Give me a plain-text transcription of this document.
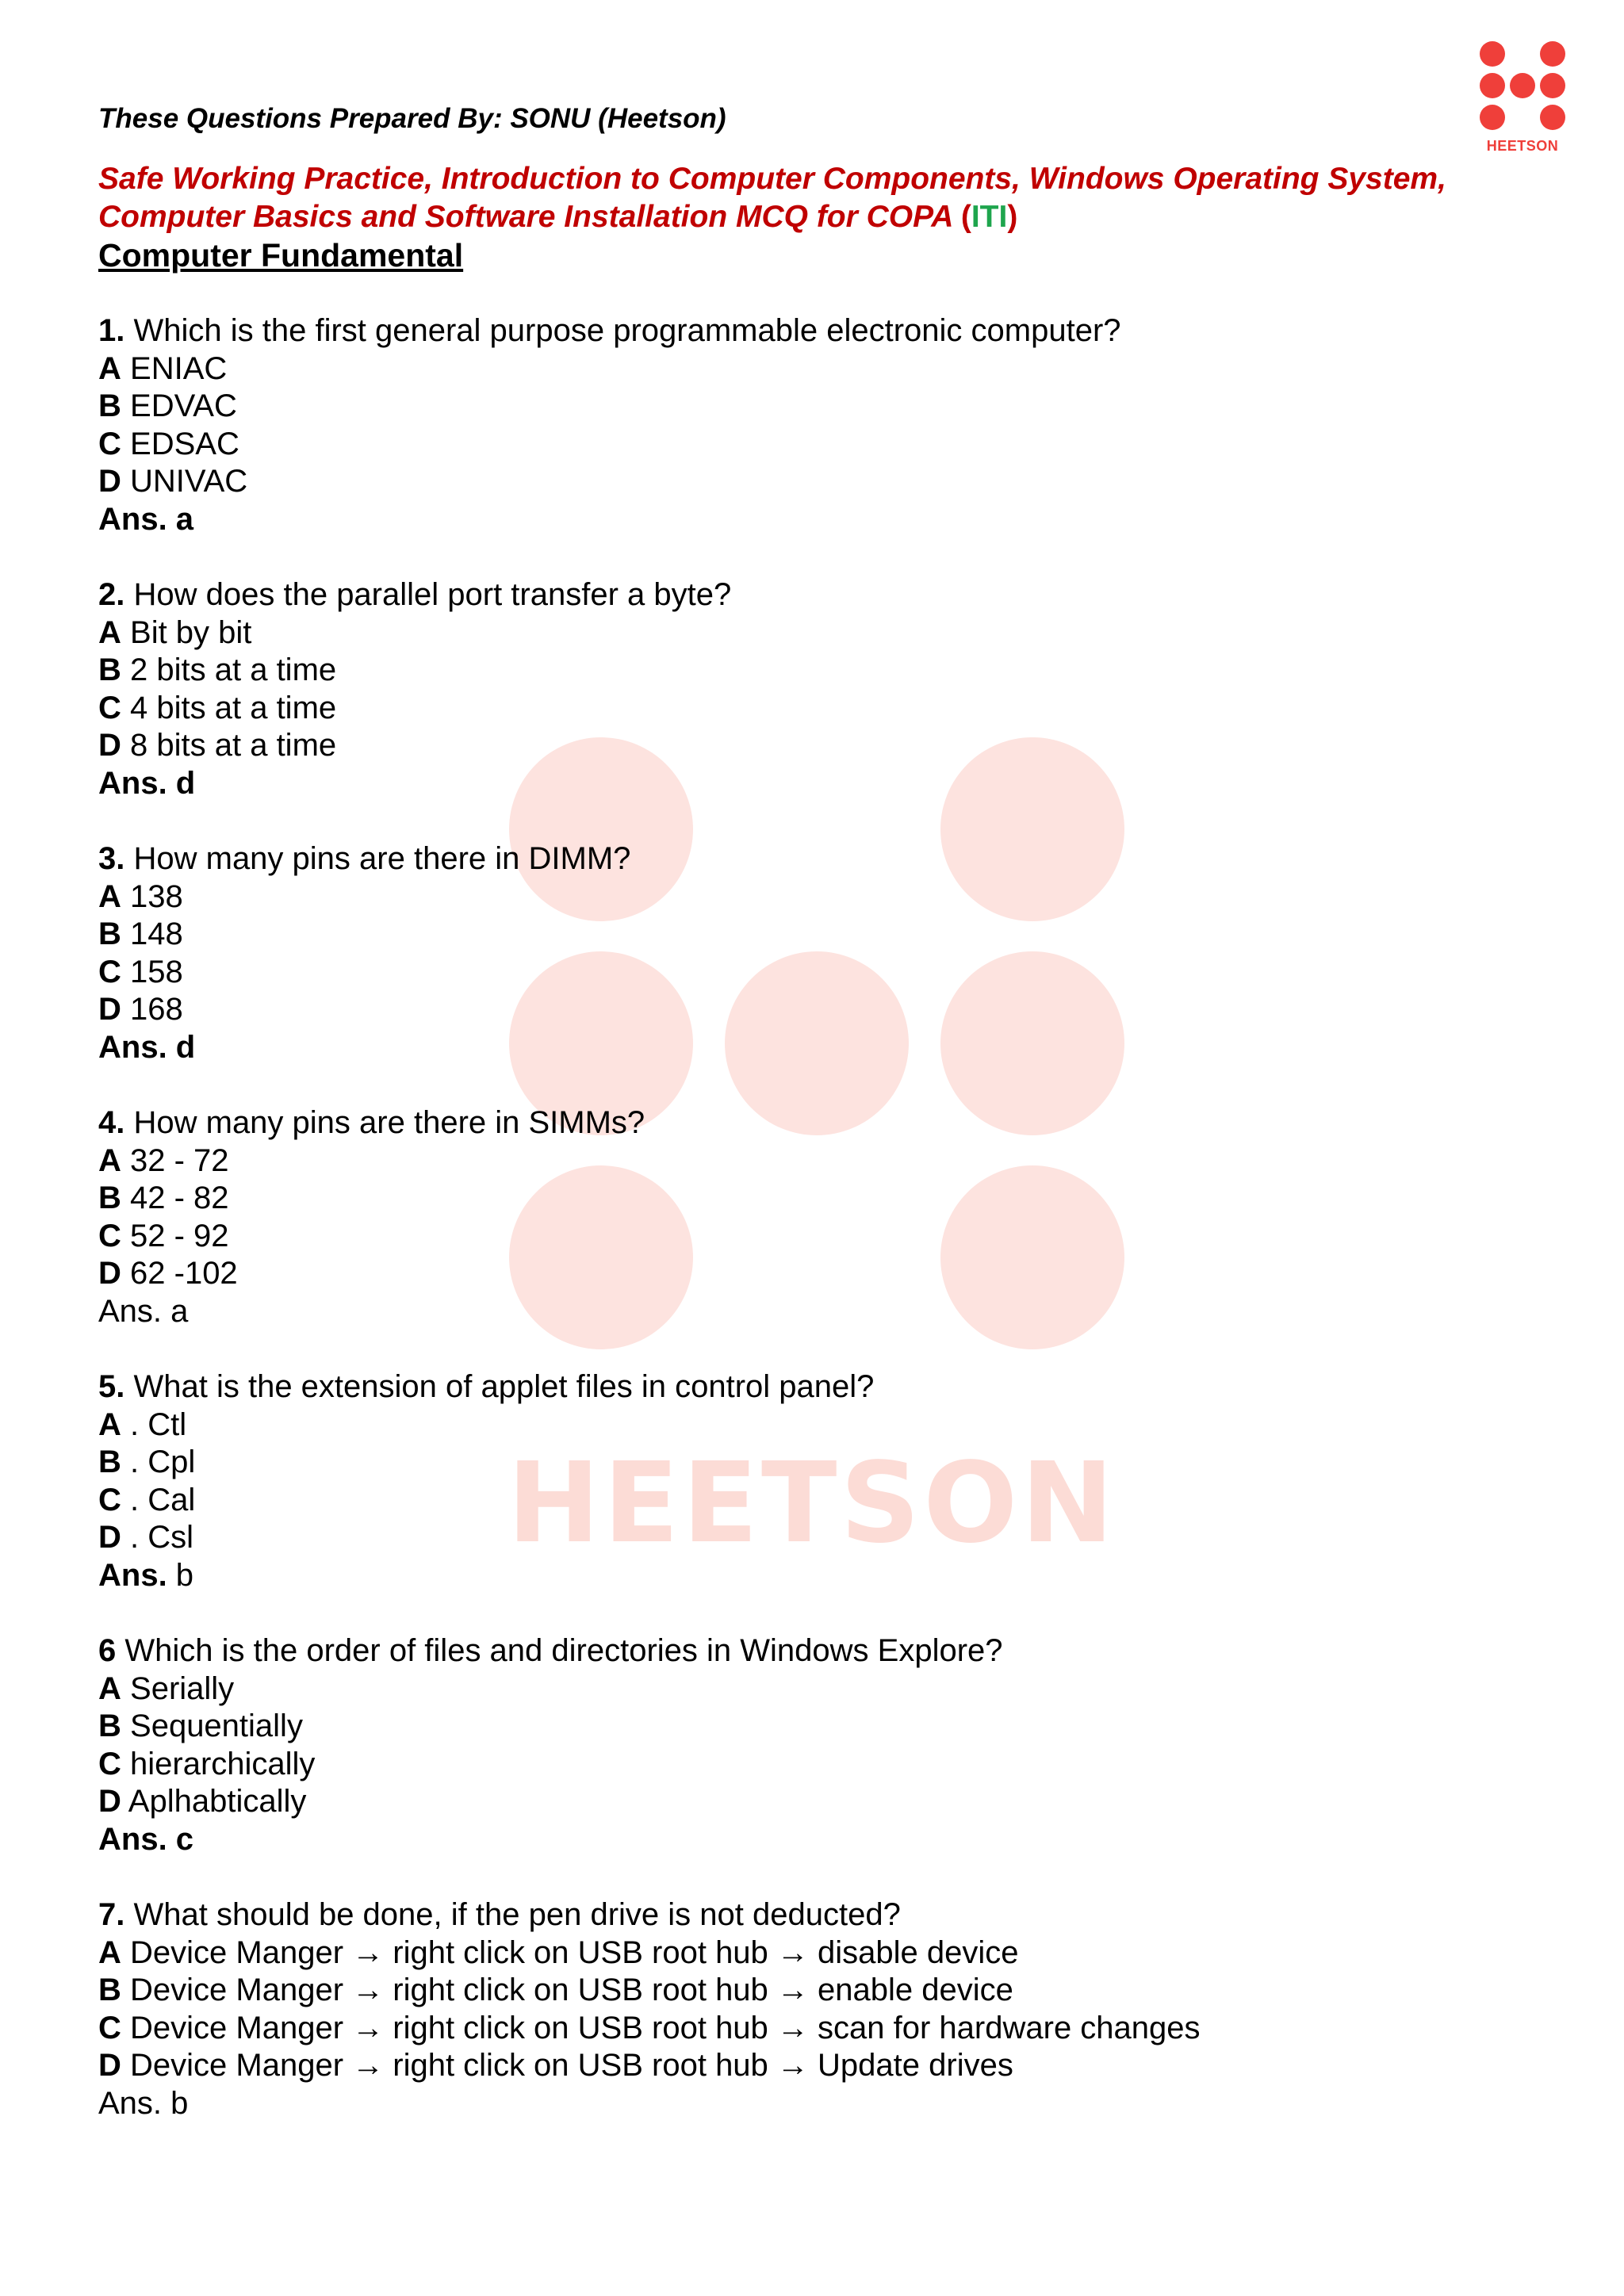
HEETSON
HEETSON

These Questions Prepared By: SONU (Heetson)

Safe Working Practice, Introduction to Computer Components, Windows Operating System, Computer Basics and Software Installation MCQ for COPA (ITI)

Computer Fundamental

1. Which is the first general purpose programmable electronic computer?
A ENIAC
B EDVAC
C EDSAC
D UNIVAC
Ans. a
2. How does the parallel port transfer a byte?
A Bit by bit
B 2 bits at a time
C 4 bits at a time
D 8 bits at a time
Ans. d
3. How many pins are there in DIMM?
A 138
B 148
C 158
D 168
Ans. d
4. How many pins are there in SIMMs?
A 32 - 72
B 42 - 82
C 52 - 92
D 62 -102
Ans. a
5. What is the extension of applet files in control panel?
A . Ctl
B . Cpl
C . Cal
D . Csl
Ans. b
6 Which is the order of files and directories in Windows Explore?
A Serially
B Sequentially
C hierarchically
D Aplhabtically
Ans. c
7. What should be done, if the pen drive is not deducted?
A Device Manger → right click on USB root hub → disable device
B Device Manger → right click on USB root hub → enable device
C Device Manger → right click on USB root hub → scan for hardware changes
D Device Manger → right click on USB root hub → Update drives
Ans. b
